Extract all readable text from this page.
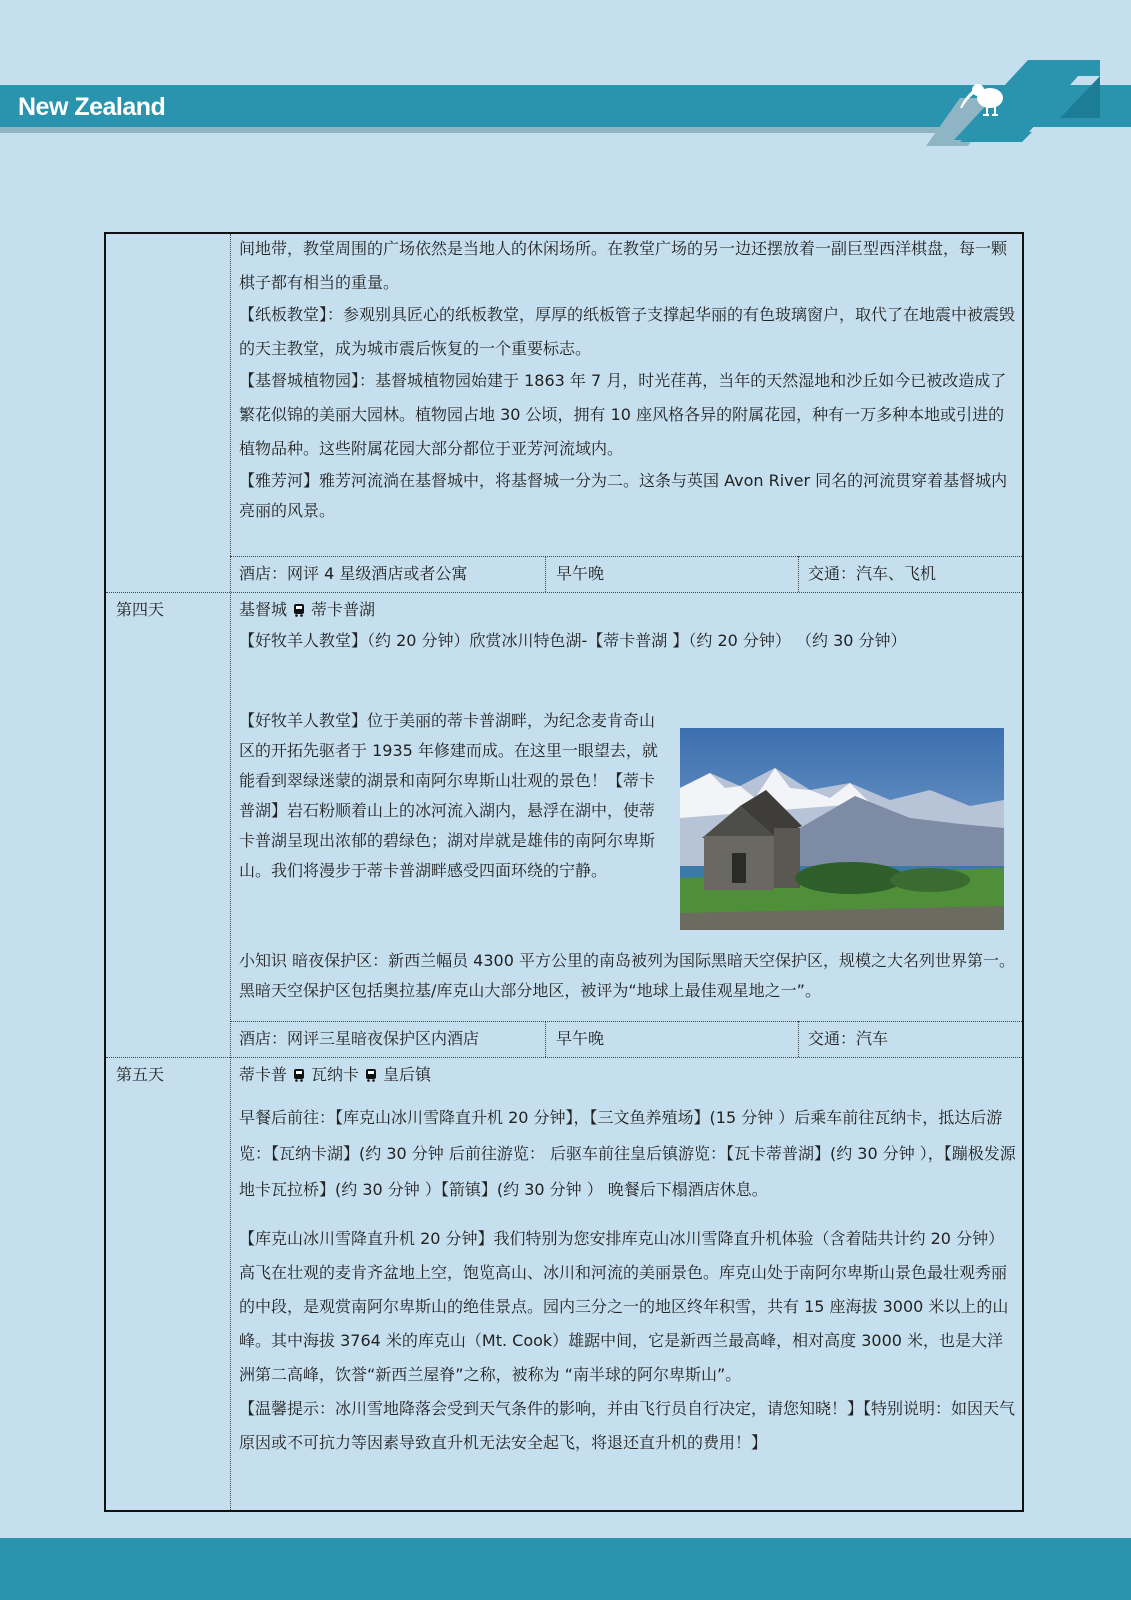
New Zealand

间地带，教堂周围的广场依然是当地人的休闲场所。在教堂广场的另一边还摆放着一副巨型西洋棋盘，每一颗棋子都有相当的重量。

【纸板教堂】：参观别具匠心的纸板教堂，厚厚的纸板管子支撑起华丽的有色玻璃窗户，取代了在地震中被震毁的天主教堂，成为城市震后恢复的一个重要标志。

【基督城植物园】：基督城植物园始建于 1863 年 7 月，时光荏苒，当年的天然湿地和沙丘如今已被改造成了繁花似锦的美丽大园林。植物园占地 30 公顷，拥有 10 座风格各异的附属花园，种有一万多种本地或引进的植物品种。这些附属花园大部分都位于亚芳河流域内。

【雅芳河】雅芳河流淌在基督城中，将基督城一分为二。这条与英国 Avon River 同名的河流贯穿着基督城内亮丽的风景。

酒店：网评 4 星级酒店或者公寓	早午晚	交通：汽车、飞机
第四天	基督城 蒂卡普湖

【好牧羊人教堂】（约 20 分钟）欣赏冰川特色湖-【蒂卡普湖 】（约 20 分钟） （约 30 分钟）

【好牧羊人教堂】位于美丽的蒂卡普湖畔，为纪念麦肯奇山区的开拓先驱者于 1935 年修建而成。在这里一眼望去，就能看到翠绿迷蒙的湖景和南阿尔卑斯山壮观的景色！【蒂卡普湖】岩石粉顺着山上的冰河流入湖内，悬浮在湖中，使蒂卡普湖呈现出浓郁的碧绿色；湖对岸就是雄伟的南阿尔卑斯山。我们将漫步于蒂卡普湖畔感受四面环绕的宁静。

小知识 暗夜保护区：新西兰幅员 4300 平方公里的南岛被列为国际黑暗天空保护区，规模之大名列世界第一。黑暗天空保护区包括奥拉基/库克山大部分地区，被评为“地球上最佳观星地之一”。

酒店：网评三星暗夜保护区内酒店	早午晚	交通：汽车
第五天	蒂卡普 瓦纳卡 皇后镇

早餐后前往：【库克山冰川雪降直升机 20 分钟】，【三文鱼养殖场】(15 分钟 ）后乘车前往瓦纳卡，抵达后游览：【瓦纳卡湖】(约 30 分钟 后前往游览： 后驱车前往皇后镇游览：【瓦卡蒂普湖】(约 30 分钟 ），【蹦极发源地卡瓦拉桥】(约 30 分钟 ）【箭镇】(约 30 分钟 ） 晚餐后下榻酒店休息。

【库克山冰川雪降直升机 20 分钟】我们特别为您安排库克山冰川雪降直升机体验（含着陆共计约 20 分钟）高飞在壮观的麦肯齐盆地上空，饱览高山、冰川和河流的美丽景色。库克山处于南阿尔卑斯山景色最壮观秀丽的中段，是观赏南阿尔卑斯山的绝佳景点。园内三分之一的地区终年积雪，共有 15 座海拔 3000 米以上的山峰。其中海拔 3764 米的库克山（Mt. Cook）雄踞中间，它是新西兰最高峰，相对高度 3000 米，也是大洋洲第二高峰，饮誉“新西兰屋脊”之称，被称为 “南半球的阿尔卑斯山”。

【温馨提示：冰川雪地降落会受到天气条件的影响，并由飞行员自行决定，请您知晓！】【特别说明：如因天气原因或不可抗力等因素导致直升机无法安全起飞，将退还直升机的费用！】
